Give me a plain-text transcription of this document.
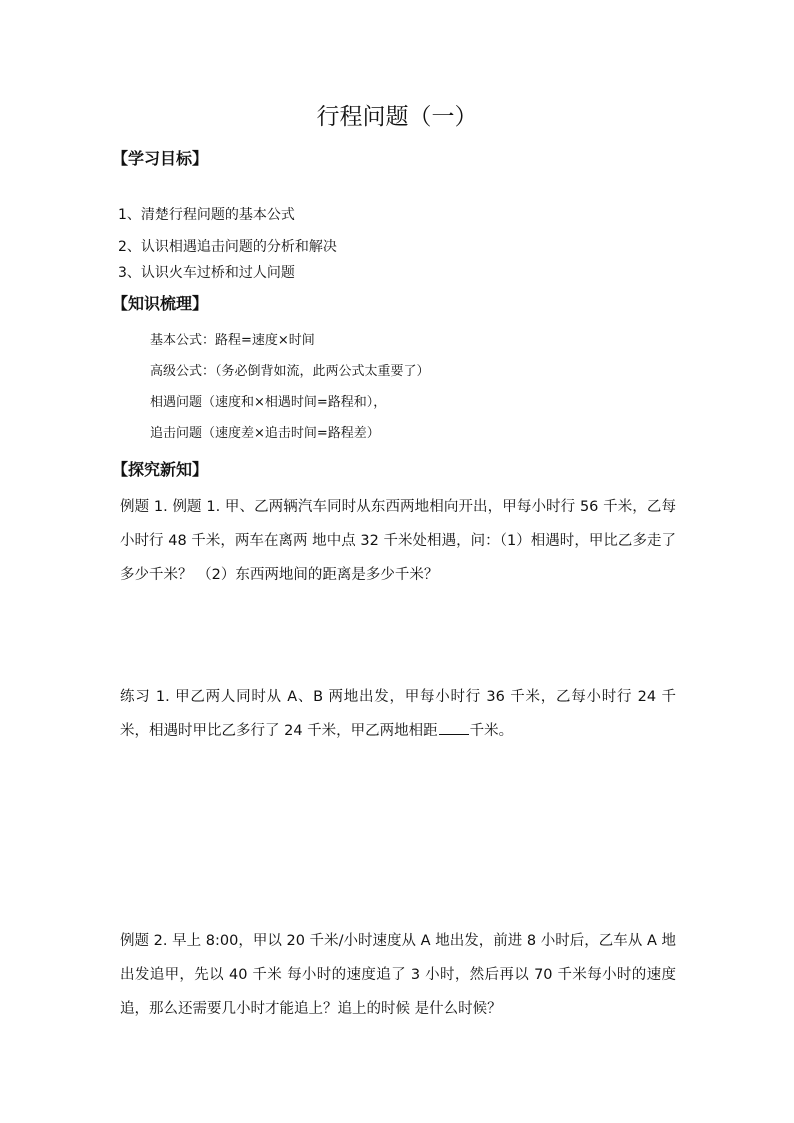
行程问题（一）
【学习目标】

1、清楚行程问题的基本公式

2、认识相遇追击问题的分析和解决

3、认识火车过桥和过人问题

【知识梳理】

基本公式：路程=速度×时间

高级公式：（务必倒背如流，此两公式太重要了）

相遇问题（速度和×相遇时间=路程和），

追击问题（速度差×追击时间=路程差）

【探究新知】

例题 1. 例题 1. 甲、乙两辆汽车同时从东西两地相向开出，甲每小时行 56 千米，乙每小时行 48 千米，两车在离两 地中点 32 千米处相遇，问：（1）相遇时，甲比乙多走了多少千米？ （2）东西两地间的距离是多少千米？

练习 1. 甲乙两人同时从 A、B 两地出发，甲每小时行 36 千米，乙每小时行 24 千米，相遇时甲比乙多行了 24 千米，甲乙两地相距 千米。

例题 2. 早上 8:00，甲以 20 千米/小时速度从 A 地出发，前进 8 小时后，乙车从 A 地出发追甲，先以 40 千米 每小时的速度追了 3 小时，然后再以 70 千米每小时的速度追，那么还需要几小时才能追上？追上的时候 是什么时候？
